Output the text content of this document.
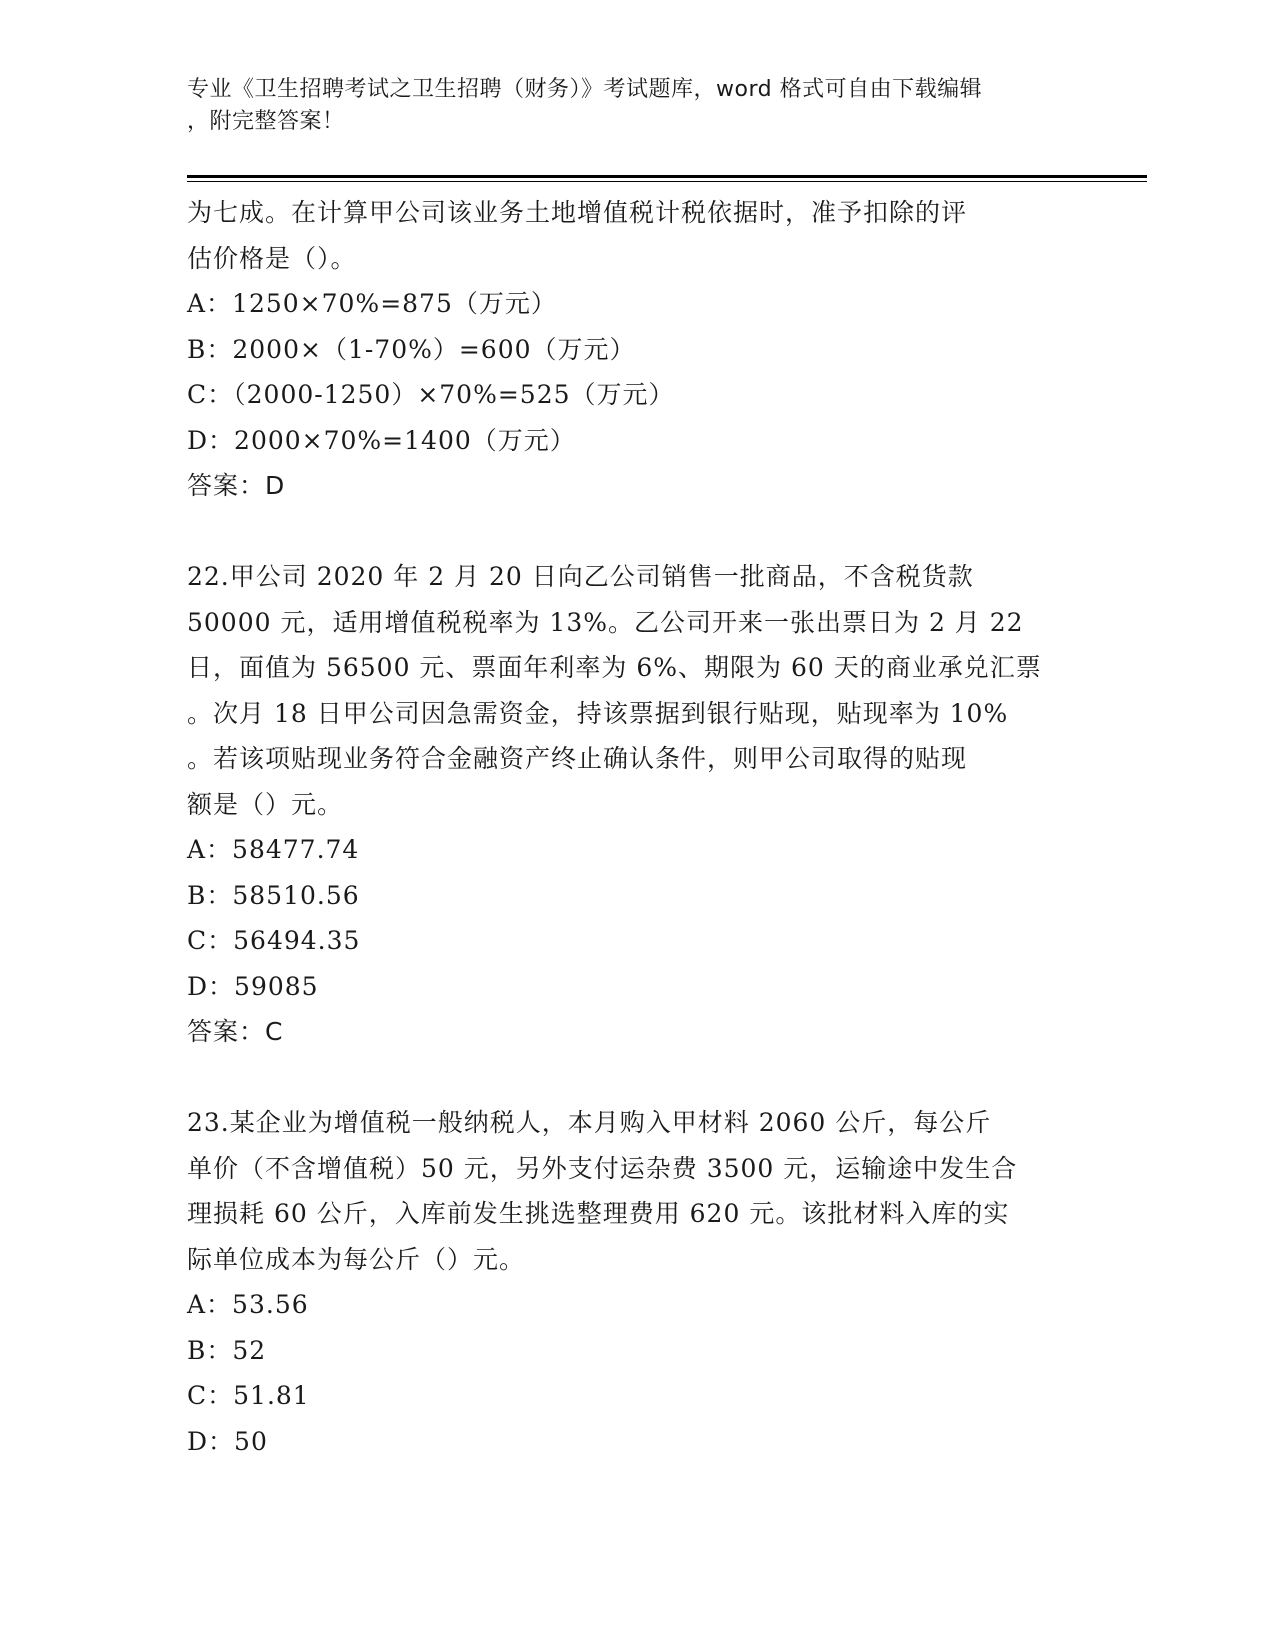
专业《卫生招聘考试之卫生招聘（财务）》考试题库，word 格式可自由下载编辑
，附完整答案！
为七成。在计算甲公司该业务土地增值税计税依据时，准予扣除的评
估价格是（）。
A：1250×70%=875（万元）
B：2000×（1-70%）=600（万元）
C：（2000-1250）×70%=525（万元）
D：2000×70%=1400（万元）
答案：D
22.甲公司 2020 年 2 月 20 日向乙公司销售一批商品，不含税货款
50000 元，适用增值税税率为 13%。乙公司开来一张出票日为 2 月 22
日，面值为 56500 元、票面年利率为 6%、期限为 60 天的商业承兑汇票
。次月 18 日甲公司因急需资金，持该票据到银行贴现，贴现率为 10%
。若该项贴现业务符合金融资产终止确认条件，则甲公司取得的贴现
额是（）元。
A：58477.74
B：58510.56
C：56494.35
D：59085
答案：C
23.某企业为增值税一般纳税人，本月购入甲材料 2060 公斤，每公斤
单价（不含增值税）50 元，另外支付运杂费 3500 元，运输途中发生合
理损耗 60 公斤，入库前发生挑选整理费用 620 元。该批材料入库的实
际单位成本为每公斤（）元。
A：53.56
B：52
C：51.81
D：50
